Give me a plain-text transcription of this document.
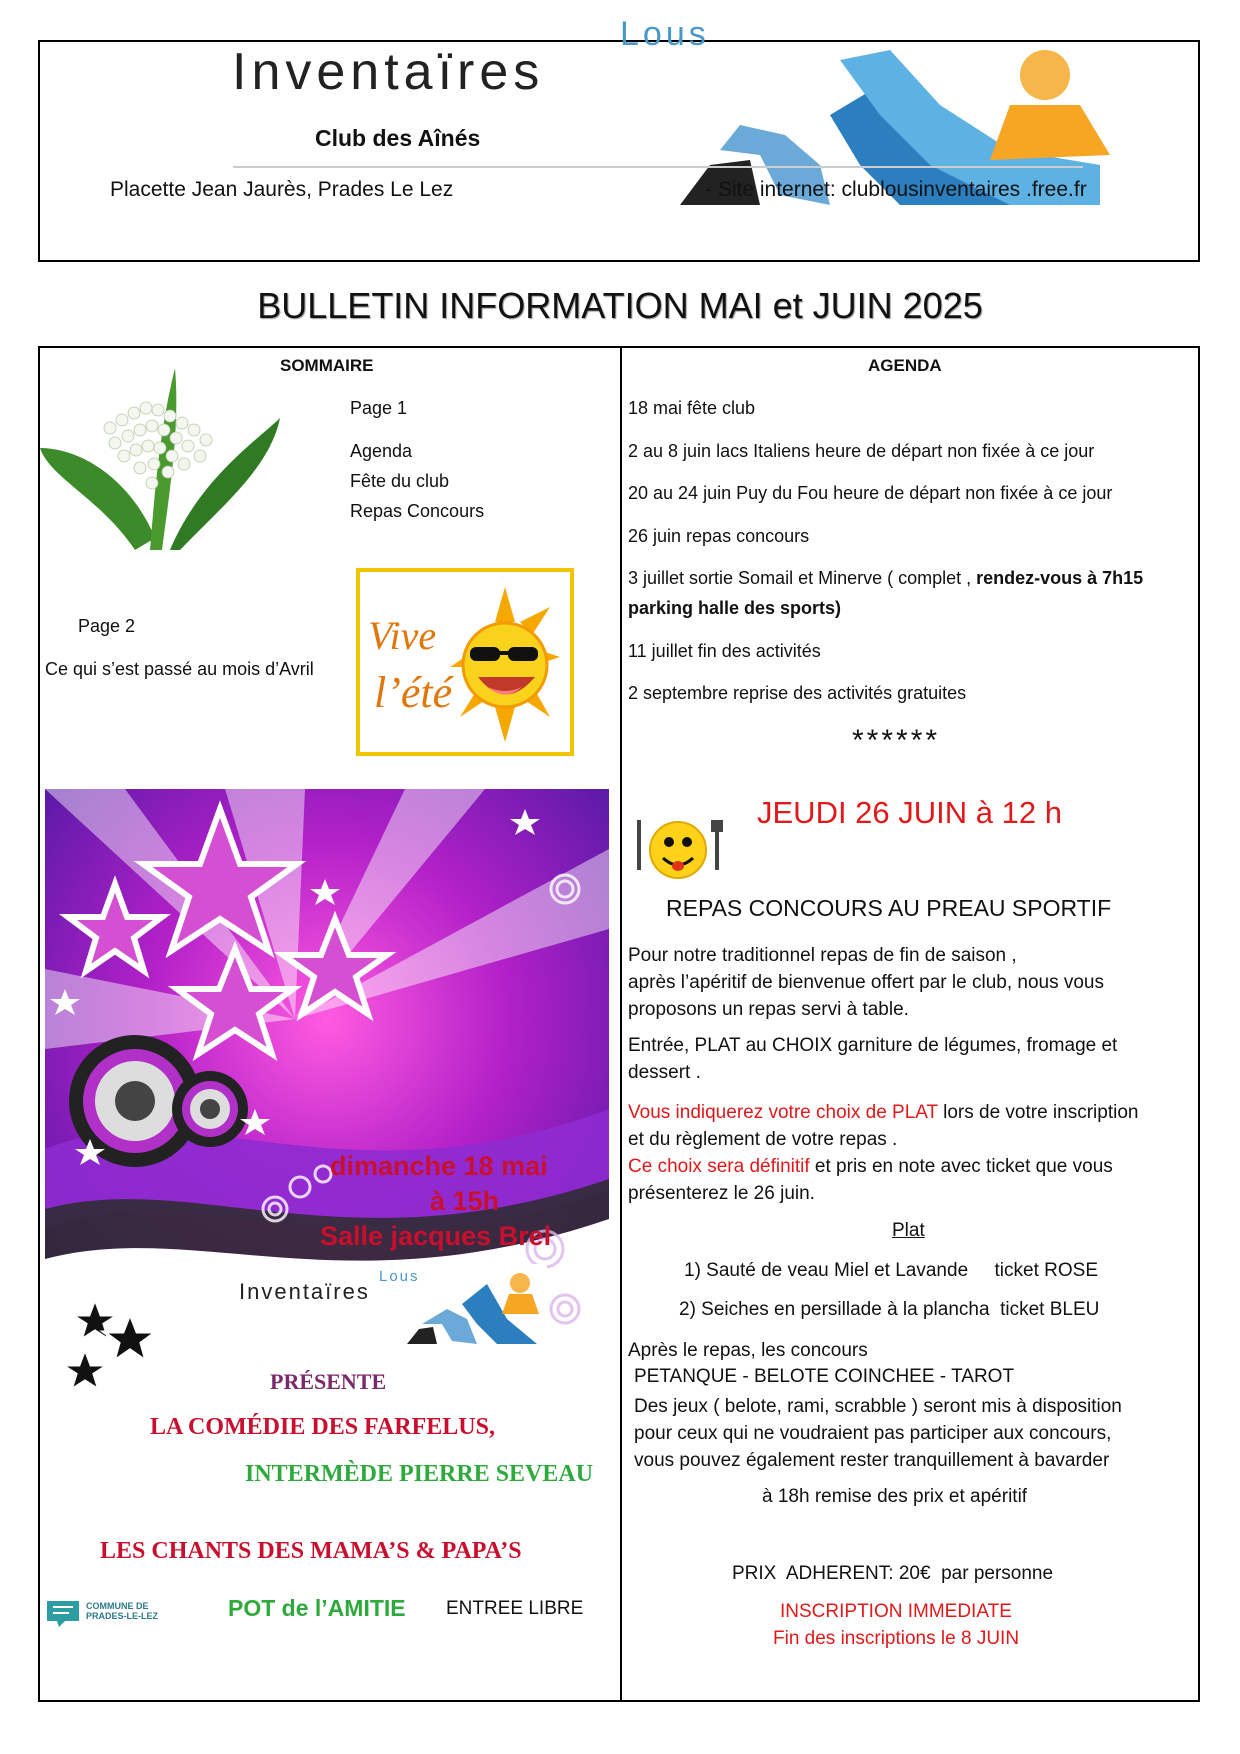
Lous
Inventaïres
Club des Aînés
Placette Jean Jaurès, Prades Le Lez	- Site internet: clublousinventaires .free.fr
BULLETIN INFORMATION MAI et JUIN 2025
SOMMAIRE
Page 1
Agenda
Fête du club
Repas Concours
Page 2
Ce qui s’est passé au mois d’Avril
Vive
l’été
dimanche 18 mai
à 15h
Salle jacques Brel
Lous
Inventaïres
PRÉSENTE
LA COMÉDIE DES FARFELUS,
INTERMÈDE PIERRE SEVEAU
LES CHANTS DES MAMA’S & PAPA’S
COMMUNE DE PRADES-LE-LEZ	POT de l’AMITIE ENTREE LIBRE
AGENDA
18 mai fête club
2 au 8 juin lacs Italiens heure de départ non fixée à ce jour
20 au 24 juin Puy du Fou heure de départ non fixée à ce jour
26 juin repas concours
3 juillet sortie Somail et Minerve ( complet , rendez-vous à 7h15
parking halle des sports)
11 juillet fin des activités
2 septembre reprise des activités gratuites
******
JEUDI 26 JUIN à 12 h
REPAS CONCOURS AU PREAU SPORTIF
Pour notre traditionnel repas de fin de saison ,
après l’apéritif de bienvenue offert par le club, nous vous
proposons un repas servi à table.
Entrée, PLAT au CHOIX garniture de légumes, fromage et
dessert .
Vous indiquerez votre choix de PLAT lors de votre inscription
et du règlement de votre repas .
Ce choix sera définitif et pris en note avec ticket que vous
présenterez le 26 juin.
Plat
1) Sauté de veau Miel et Lavande     ticket ROSE
2) Seiches en persillade à la plancha  ticket BLEU
Après le repas, les concours
PETANQUE - BELOTE COINCHEE - TAROT
Des jeux ( belote, rami, scrabble ) seront mis à disposition
pour ceux qui ne voudraient pas participer aux concours,
vous pouvez également rester tranquillement à bavarder
à 18h remise des prix et apéritif
PRIX  ADHERENT: 20€  par personne
INSCRIPTION IMMEDIATE
Fin des inscriptions le 8 JUIN
